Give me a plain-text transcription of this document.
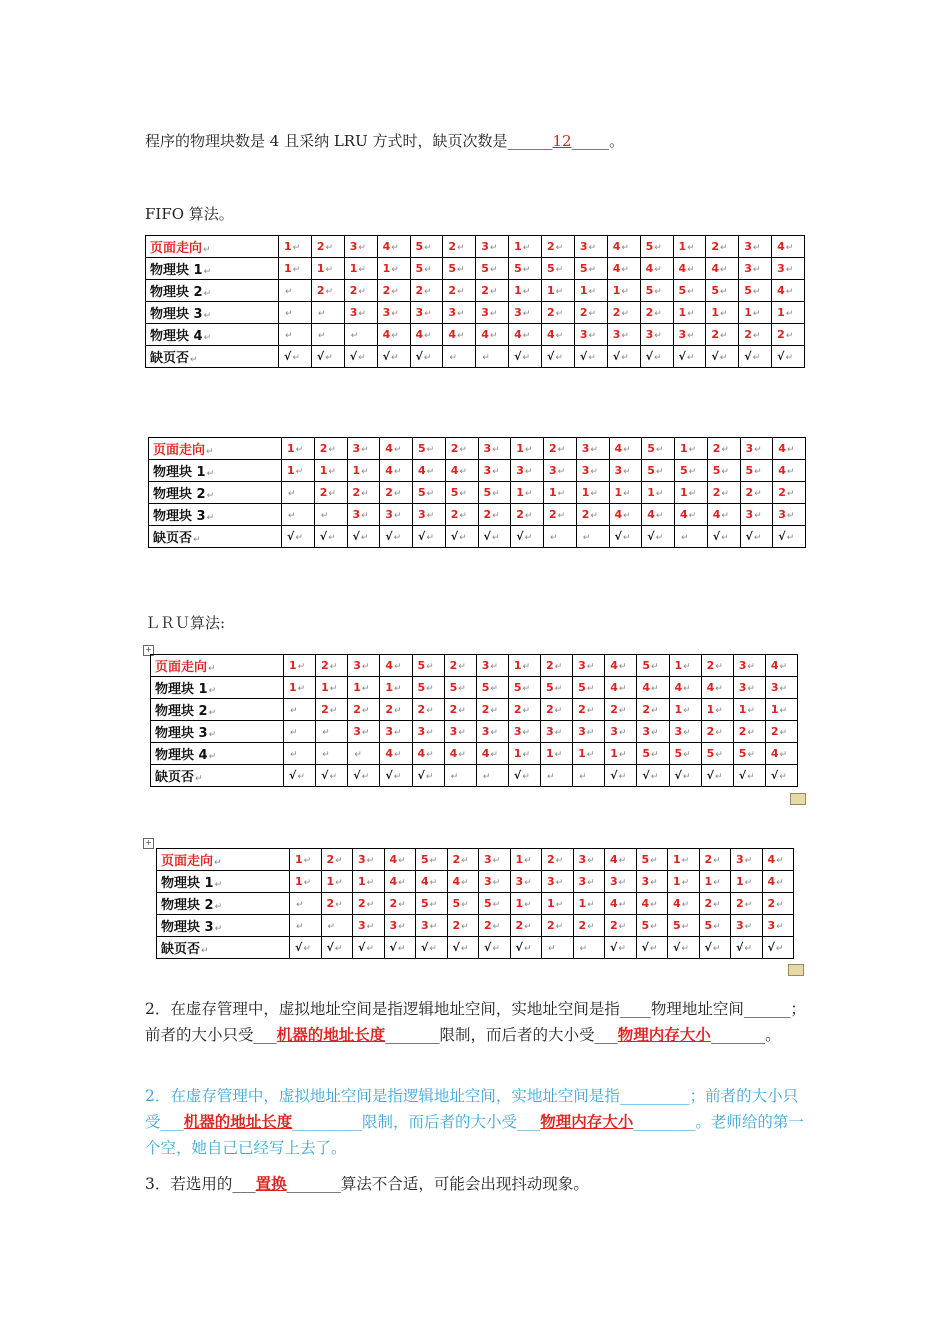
程序的物理块数是 4 且采纳 LRU 方式时，缺页次数是______12_____。
FIFO 算法。
页面走向↵	1↵	2↵	3↵	4↵	5↵	2↵	3↵	1↵	2↵	3↵	4↵	5↵	1↵	2↵	3↵	4↵
物理块 1↵	1↵	1↵	1↵	1↵	5↵	5↵	5↵	5↵	5↵	5↵	4↵	4↵	4↵	4↵	3↵	3↵
物理块 2↵	↵	2↵	2↵	2↵	2↵	2↵	2↵	1↵	1↵	1↵	1↵	5↵	5↵	5↵	5↵	4↵
物理块 3↵	↵	↵	3↵	3↵	3↵	3↵	3↵	3↵	2↵	2↵	2↵	2↵	1↵	1↵	1↵	1↵
物理块 4↵	↵	↵	↵	4↵	4↵	4↵	4↵	4↵	4↵	3↵	3↵	3↵	3↵	2↵	2↵	2↵
缺页否↵	√↵	√↵	√↵	√↵	√↵	↵	↵	√↵	√↵	√↵	√↵	√↵	√↵	√↵	√↵	√↵
页面走向↵	1↵	2↵	3↵	4↵	5↵	2↵	3↵	1↵	2↵	3↵	4↵	5↵	1↵	2↵	3↵	4↵
物理块 1↵	1↵	1↵	1↵	4↵	4↵	4↵	3↵	3↵	3↵	3↵	3↵	5↵	5↵	5↵	5↵	4↵
物理块 2↵	↵	2↵	2↵	2↵	5↵	5↵	5↵	1↵	1↵	1↵	1↵	1↵	1↵	2↵	2↵	2↵
物理块 3↵	↵	↵	3↵	3↵	3↵	2↵	2↵	2↵	2↵	2↵	4↵	4↵	4↵	4↵	3↵	3↵
缺页否↵	√↵	√↵	√↵	√↵	√↵	√↵	√↵	√↵	↵	↵	√↵	√↵	↵	√↵	√↵	√↵
ＬＲＵ算法:
+
页面走向↵	1↵	2↵	3↵	4↵	5↵	2↵	3↵	1↵	2↵	3↵	4↵	5↵	1↵	2↵	3↵	4↵
物理块 1↵	1↵	1↵	1↵	1↵	5↵	5↵	5↵	5↵	5↵	5↵	4↵	4↵	4↵	4↵	3↵	3↵
物理块 2↵	↵	2↵	2↵	2↵	2↵	2↵	2↵	2↵	2↵	2↵	2↵	2↵	1↵	1↵	1↵	1↵
物理块 3↵	↵	↵	3↵	3↵	3↵	3↵	3↵	3↵	3↵	3↵	3↵	3↵	3↵	2↵	2↵	2↵
物理块 4↵	↵	↵	↵	4↵	4↵	4↵	4↵	1↵	1↵	1↵	1↵	5↵	5↵	5↵	5↵	4↵
缺页否↵	√↵	√↵	√↵	√↵	√↵	↵	↵	√↵	↵	↵	√↵	√↵	√↵	√↵	√↵	√↵
+
页面走向↵	1↵	2↵	3↵	4↵	5↵	2↵	3↵	1↵	2↵	3↵	4↵	5↵	1↵	2↵	3↵	4↵
物理块 1↵	1↵	1↵	1↵	4↵	4↵	4↵	3↵	3↵	3↵	3↵	3↵	3↵	1↵	1↵	1↵	4↵
物理块 2↵	↵	2↵	2↵	2↵	5↵	5↵	5↵	1↵	1↵	1↵	4↵	4↵	4↵	2↵	2↵	2↵
物理块 3↵	↵	↵	3↵	3↵	3↵	2↵	2↵	2↵	2↵	2↵	2↵	5↵	5↵	5↵	3↵	3↵
缺页否↵	√↵	√↵	√↵	√↵	√↵	√↵	√↵	√↵	↵	↵	√↵	√↵	√↵	√↵	√↵	√↵
2．在虚存管理中，虚拟地址空间是指逻辑地址空间，实地址空间是指____物理地址空间______；前者的大小只受___机器的地址长度_______限制，而后者的大小受___物理内存大小_______。
2．在虚存管理中，虚拟地址空间是指逻辑地址空间，实地址空间是指_________；前者的大小只受___机器的地址长度_________限制，而后者的大小受___物理内存大小________。老师给的第一个空，她自己已经写上去了。
3．若选用的___置换_______算法不合适，可能会出现抖动现象。
